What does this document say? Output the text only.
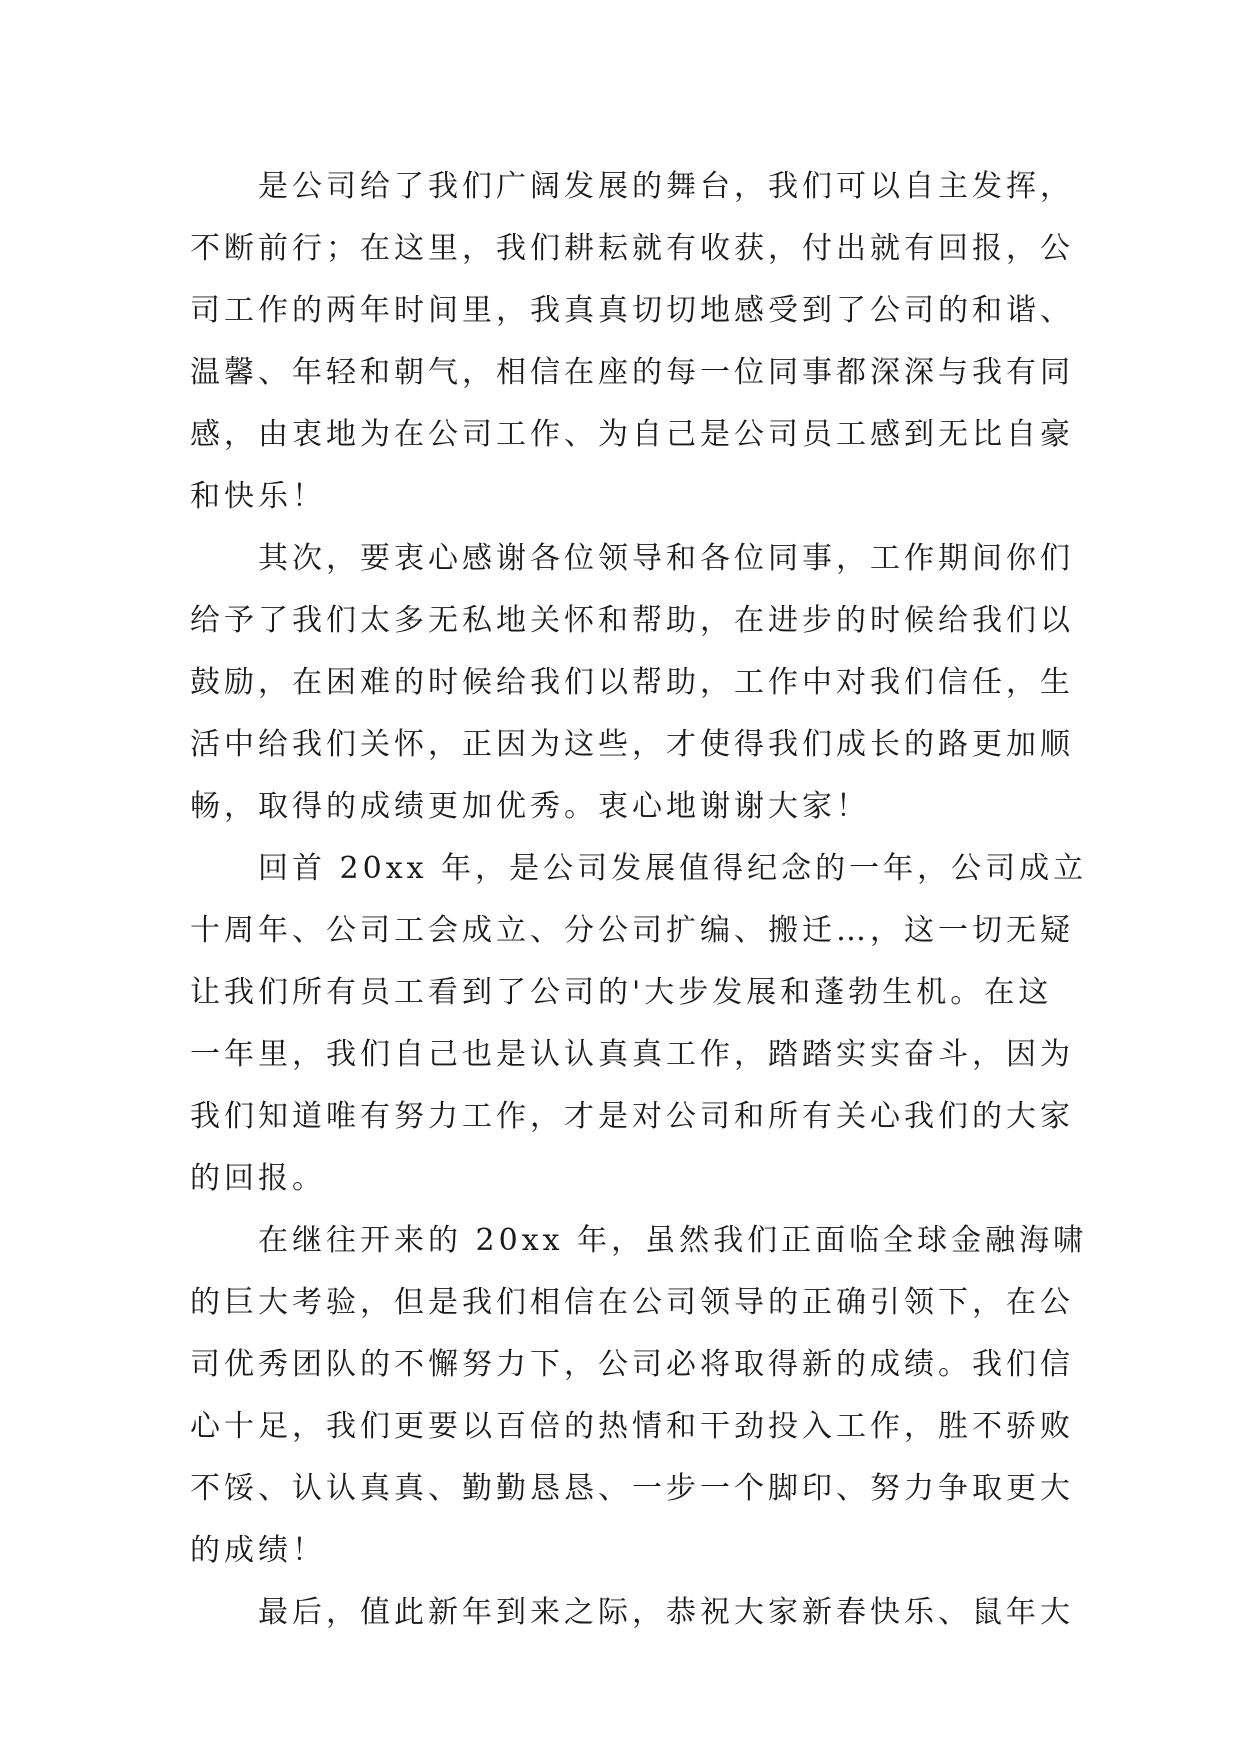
　　是公司给了我们广阔发展的舞台，我们可以自主发挥，
不断前行；在这里，我们耕耘就有收获，付出就有回报，公
司工作的两年时间里，我真真切切地感受到了公司的和谐、
温馨、年轻和朝气，相信在座的每一位同事都深深与我有同
感，由衷地为在公司工作、为自己是公司员工感到无比自豪
和快乐！
　　其次，要衷心感谢各位领导和各位同事，工作期间你们
给予了我们太多无私地关怀和帮助，在进步的时候给我们以
鼓励，在困难的时候给我们以帮助，工作中对我们信任，生
活中给我们关怀，正因为这些，才使得我们成长的路更加顺
畅，取得的成绩更加优秀。衷心地谢谢大家！
　　回首 20xx 年，是公司发展值得纪念的一年，公司成立
十周年、公司工会成立、分公司扩编、搬迁…，这一切无疑
让我们所有员工看到了公司的'大步发展和蓬勃生机。在这
一年里，我们自己也是认认真真工作，踏踏实实奋斗，因为
我们知道唯有努力工作，才是对公司和所有关心我们的大家
的回报。
　　在继往开来的 20xx 年，虽然我们正面临全球金融海啸
的巨大考验，但是我们相信在公司领导的正确引领下，在公
司优秀团队的不懈努力下，公司必将取得新的成绩。我们信
心十足，我们更要以百倍的热情和干劲投入工作，胜不骄败
不馁、认认真真、勤勤恳恳、一步一个脚印、努力争取更大
的成绩！
　　最后，值此新年到来之际，恭祝大家新春快乐、鼠年大
